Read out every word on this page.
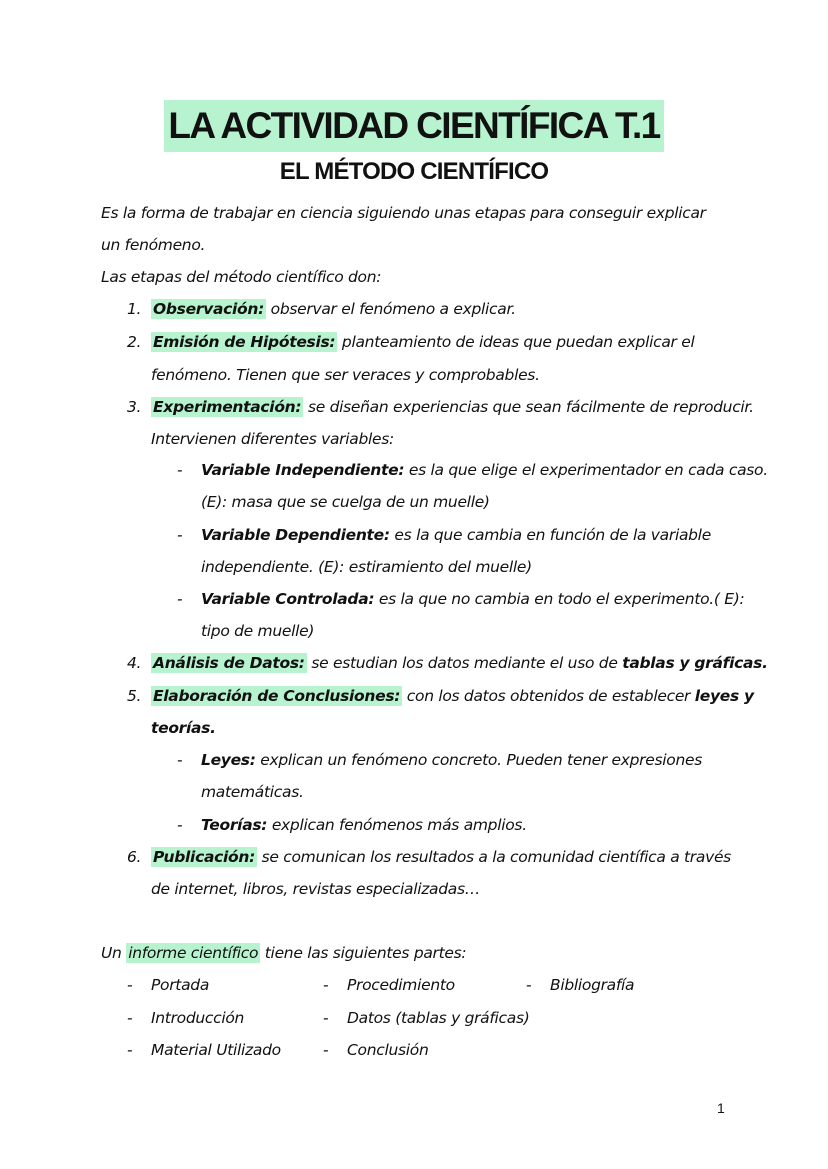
LA ACTIVIDAD CIENTÍFICA T.1
EL MÉTODO CIENTÍFICO
Es la forma de trabajar en ciencia siguiendo unas etapas para conseguir explicar
un fenómeno.
Las etapas del método científico don:
1. Observación: observar el fenómeno a explicar.
2. Emisión de Hipótesis: planteamiento de ideas que puedan explicar el
fenómeno. Tienen que ser veraces y comprobables.
3. Experimentación: se diseñan experiencias que sean fácilmente de reproducir.
Intervienen diferentes variables:
- Variable Independiente: es la que elige el experimentador en cada caso.
(E): masa que se cuelga de un muelle)
- Variable Dependiente: es la que cambia en función de la variable
independiente. (E): estiramiento del muelle)
- Variable Controlada: es la que no cambia en todo el experimento.( E):
tipo de muelle)
4. Análisis de Datos: se estudian los datos mediante el uso de tablas y gráficas.
5. Elaboración de Conclusiones: con los datos obtenidos de establecer leyes y
teorías.
- Leyes: explican un fenómeno concreto. Pueden tener expresiones
matemáticas.
- Teorías: explican fenómenos más amplios.
6. Publicación: se comunican los resultados a la comunidad científica a través
de internet, libros, revistas especializadas…
Un informe científico tiene las siguientes partes:
- Portada
- Introducción
- Material Utilizado
- Procedimiento
- Datos (tablas y gráficas)
- Conclusión
- Bibliografía
1
